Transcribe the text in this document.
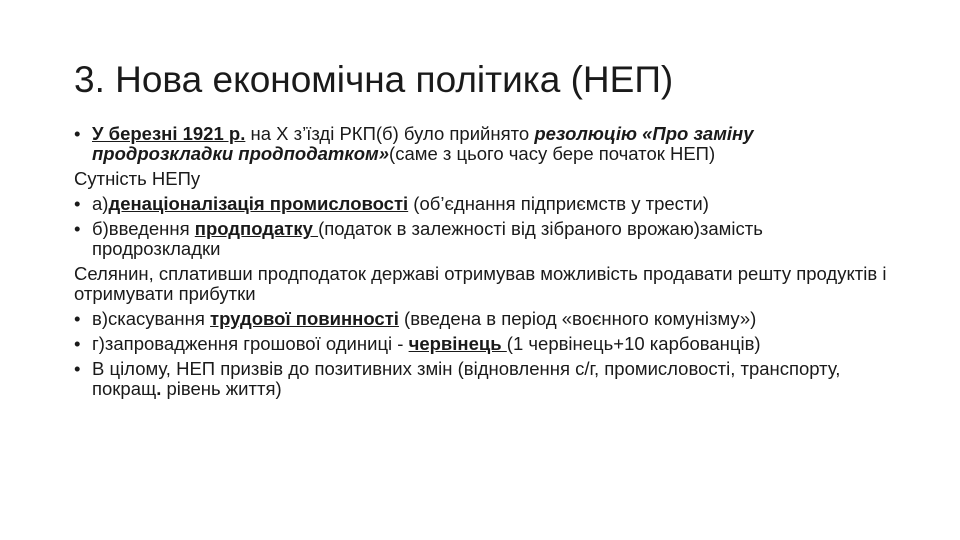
3. Нова економічна політика (НЕП)
• У березні 1921 р. на Х з’їзді РКП(б) було прийнято резолюцію «Про заміну продрозкладки продподатком»(саме з цього часу бере початок НЕП)

Сутність НЕПу

• а)денаціоналізація промисловості (об’єднання підприємств у трести)
• б)введення продподатку (податок в залежності від зібраного врожаю)замість продрозкладки

Селянин, сплативши продподаток державі отримував можливість продавати решту продуктів і отримувати прибутки

• в)скасування трудової повинності (введена в період «воєнного комунізму»)
• г)запровадження грошової одиниці - червінець (1 червінець+10 карбованців)
• В цілому, НЕП призвів до позитивних змін (відновлення с/г, промисловості, транспорту, покращ. рівень життя)
